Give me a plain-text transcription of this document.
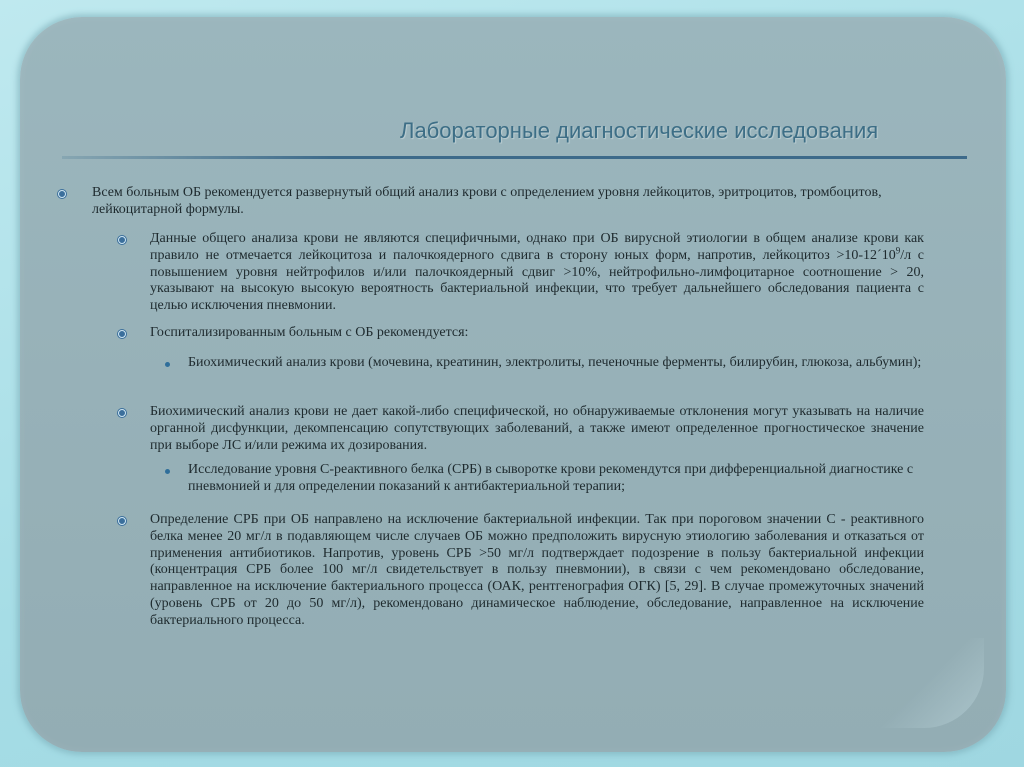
Лабораторные диагностические исследования
Всем больным ОБ рекомендуется развернутый общий анализ крови с определением уровня лейкоцитов, эритроцитов, тромбоцитов, лейкоцитарной формулы.
Данные общего анализа крови не являются специфичными, однако при ОБ вирусной этиологии в общем анализе крови как правило не отмечается лейкоцитоза и палочкоядерного сдвига в сторону юных форм, напротив, лейкоцитоз $>10-12´10^9/л$ с повышением уровня нейтрофилов и/или палочкоядерный сдвиг >10%, нейтрофильно-лимфоцитарное соотношение > 20, указывают на высокую высокую вероятность бактериальной инфекции, что требует дальнейшего обследования пациента с целью исключения пневмонии.
Госпитализированным больным с ОБ рекомендуется:
Биохимический анализ крови (мочевина, креатинин, электролиты, печеночные ферменты, билирубин, глюкоза, альбумин);
Биохимический анализ крови не дает какой-либо специфической, но обнаруживаемые отклонения могут указывать на наличие органной дисфункции, декомпенсацию сопутствующих заболеваний, а также имеют определенное прогностическое значение при выборе ЛС и/или режима их дозирования.
Исследование уровня С-реактивного белка (СРБ) в сыворотке крови рекомендутся при дифференциальной диагностике с пневмонией и для определении показаний к антибактериальной терапии;
Определение СРБ при ОБ направлено на исключение бактериальной инфекции. Так при пороговом значении С - реактивного белка менее 20 мг/л в подавляющем числе случаев ОБ можно предположить вирусную этиологию заболевания и отказаться от применения антибиотиков. Напротив, уровень СРБ >50 мг/л подтверждает подозрение в пользу бактериальной инфекции (концентрация СРБ более 100 мг/л свидетельствует в пользу пневмонии), в связи с чем рекомендовано обследование, направленное на исключение бактериального процесса (ОАК, рентгенография ОГК) [5, 29]. В случае промежуточных значений (уровень СРБ от 20 до 50 мг/л), рекомендовано динамическое наблюдение, обследование, направленное на исключение бактериального процесса.
